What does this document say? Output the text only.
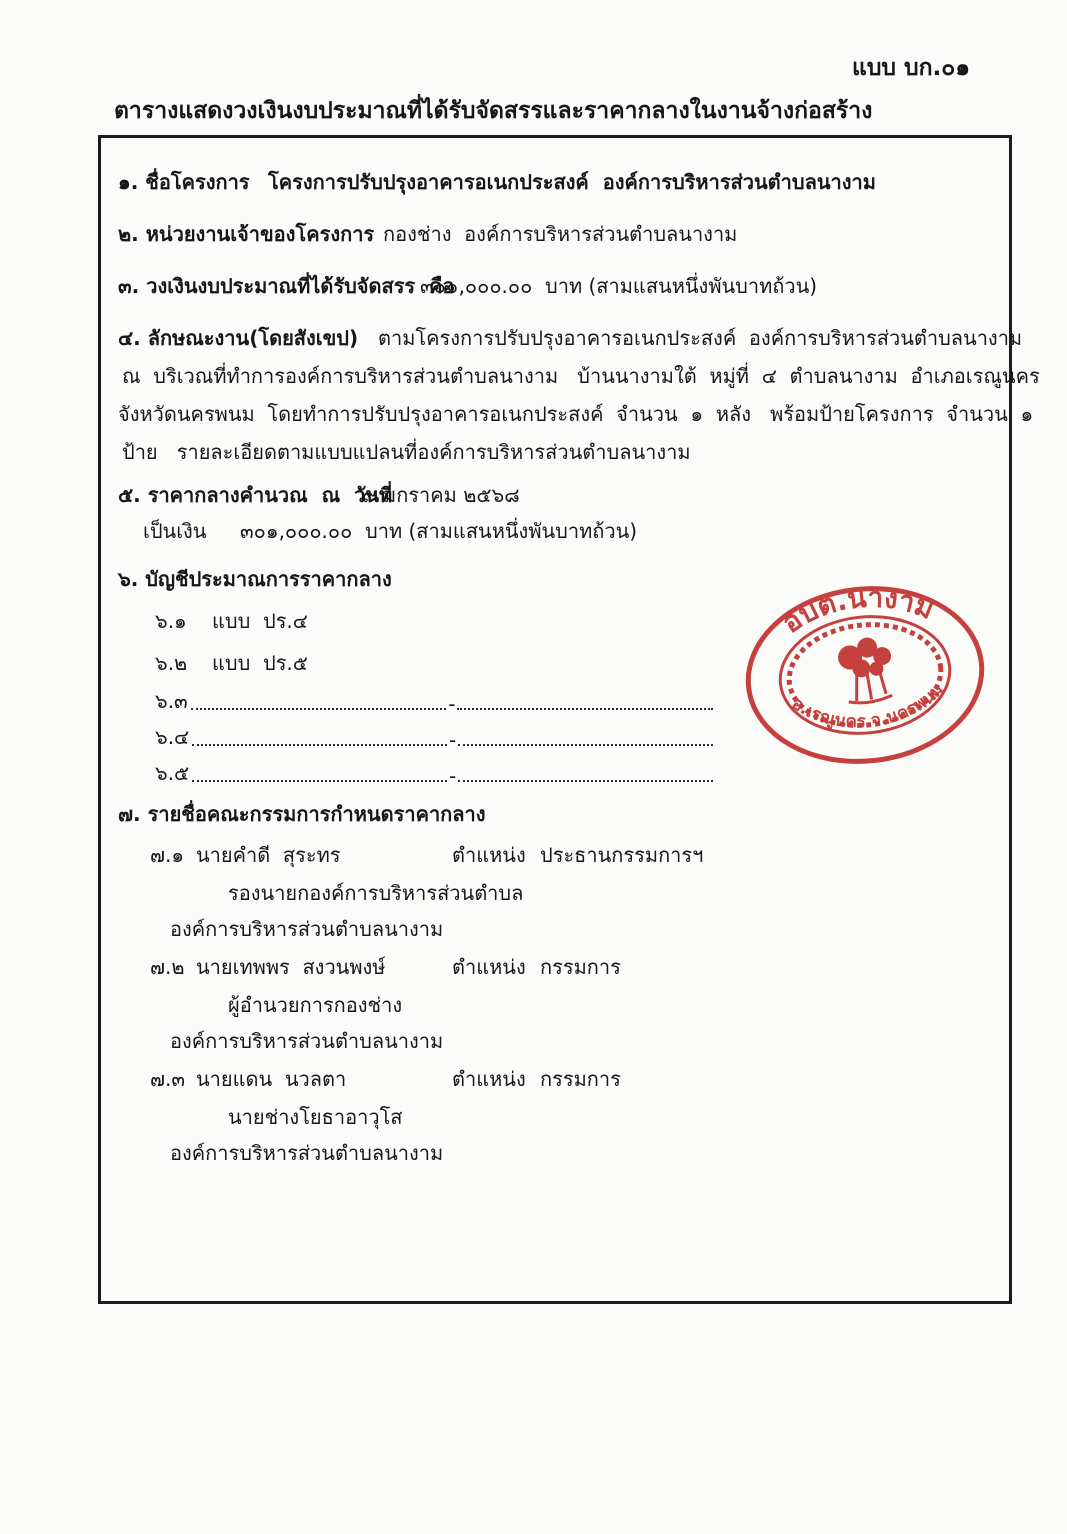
แบบ บก.๐๑
ตารางแสดงวงเงินงบประมาณที่ได้รับจัดสรรและราคากลางในงานจ้างก่อสร้าง
๑. ชื่อโครงการ โครงการปรับปรุงอาคารอเนกประสงค์  องค์การบริหารส่วนตำบลนางาม
๒. หน่วยงานเจ้าของโครงการ กองช่าง  องค์การบริหารส่วนตำบลนางาม
๓. วงเงินงบประมาณที่ได้รับจัดสรร  คือ
๓๐๑,๐๐๐.๐๐  บาท (สามแสนหนึ่งพันบาทถ้วน)
๔. ลักษณะงาน(โดยสังเขป) ตามโครงการปรับปรุงอาคารอเนกประสงค์  องค์การบริหารส่วนตำบลนางาม
ณ  บริเวณที่ทำการองค์การบริหารส่วนตำบลนางาม   บ้านนางามใต้  หมู่ที่  ๔  ตำบลนางาม  อำเภอเรณูนคร
จังหวัดนครพนม  โดยทำการปรับปรุงอาคารอเนกประสงค์  จำนวน  ๑  หลัง   พร้อมป้ายโครงการ  จำนวน  ๑
ป้าย   รายละเอียดตามแบบแปลนที่องค์การบริหารส่วนตำบลนางาม
๕. ราคากลางคำนวณ  ณ  วันที่
๙ มกราคม ๒๕๖๘
เป็นเงิน ๓๐๑,๐๐๐.๐๐  บาท (สามแสนหนึ่งพันบาทถ้วน)
๖. บัญชีประมาณการราคากลาง
๖.๑ แบบ  ปร.๔
๖.๒ แบบ  ปร.๕
๖.๓	-
๖.๔	-
๖.๕	-
๗. รายชื่อคณะกรรมการกำหนดราคากลาง
๗.๑ นายคำดี  สุระทร	ตำแหน่ง ประธานกรรมการฯ
รองนายกองค์การบริหารส่วนตำบล
องค์การบริหารส่วนตำบลนางาม
๗.๒ นายเทพพร  สงวนพงษ์	ตำแหน่ง กรรมการ
ผู้อำนวยการกองช่าง
องค์การบริหารส่วนตำบลนางาม
๗.๓ นายแดน  นวลตา	ตำแหน่ง กรรมการ
นายช่างโยธาอาวุโส
องค์การบริหารส่วนตำบลนางาม
อบต.นางาม
อ.เรณูนคร จ.นครพนม
